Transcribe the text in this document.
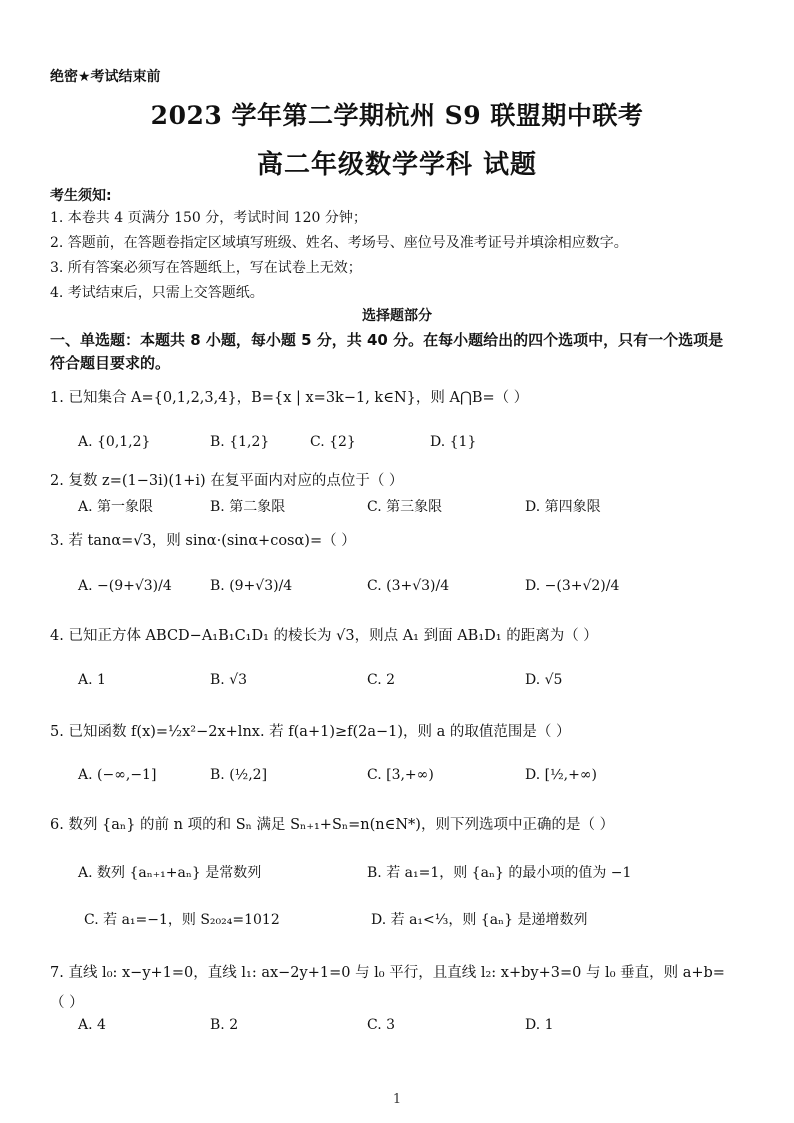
绝密★考试结束前
2023 学年第二学期杭州 S9 联盟期中联考
高二年级数学学科 试题
考生须知:
1. 本卷共 4 页满分 150 分，考试时间 120 分钟；
2. 答题前，在答题卷指定区域填写班级、姓名、考场号、座位号及准考证号并填涂相应数字。
3. 所有答案必须写在答题纸上，写在试卷上无效；
4. 考试结束后，只需上交答题纸。
选择题部分
一、单选题：本题共 8 小题，每小题 5 分，共 40 分。在每小题给出的四个选项中，只有一个选项是
符合题目要求的。
1. 已知集合 A={0,1,2,3,4}，B={x | x=3k−1, k∈N}，则 A⋂B=（ ）
A. {0,1,2}	B. {1,2}	C. {2}	D. {1}
2. 复数 z=(1−3i)(1+i) 在复平面内对应的点位于（ ）
A. 第一象限	B. 第二象限	C. 第三象限	D. 第四象限
3. 若 tanα=√3，则 sinα·(sinα+cosα)=（ ）
A. −(9+√3)/4	B. (9+√3)/4	C. (3+√3)/4	D. −(3+√2)/4
4. 已知正方体 ABCD−A₁B₁C₁D₁ 的棱长为 √3，则点 A₁ 到面 AB₁D₁ 的距离为（ ）
A. 1	B. √3	C. 2	D. √5
5. 已知函数 f(x)=½x²−2x+lnx. 若 f(a+1)≥f(2a−1)，则 a 的取值范围是（ ）
A. (−∞,−1]	B. (½,2]	C. [3,+∞)	D. [½,+∞)
6. 数列 {aₙ} 的前 n 项的和 Sₙ 满足 Sₙ₊₁+Sₙ=n(n∈N*)，则下列选项中正确的是（ ）
A. 数列 {aₙ₊₁+aₙ} 是常数列	B. 若 a₁=1，则 {aₙ} 的最小项的值为 −1
C. 若 a₁=−1，则 S₂₀₂₄=1012	D. 若 a₁<⅓，则 {aₙ} 是递增数列
7. 直线 l₀: x−y+1=0，直线 l₁: ax−2y+1=0 与 l₀ 平行，且直线 l₂: x+by+3=0 与 l₀ 垂直，则 a+b=
（ ）
A. 4	B. 2	C. 3	D. 1
1
